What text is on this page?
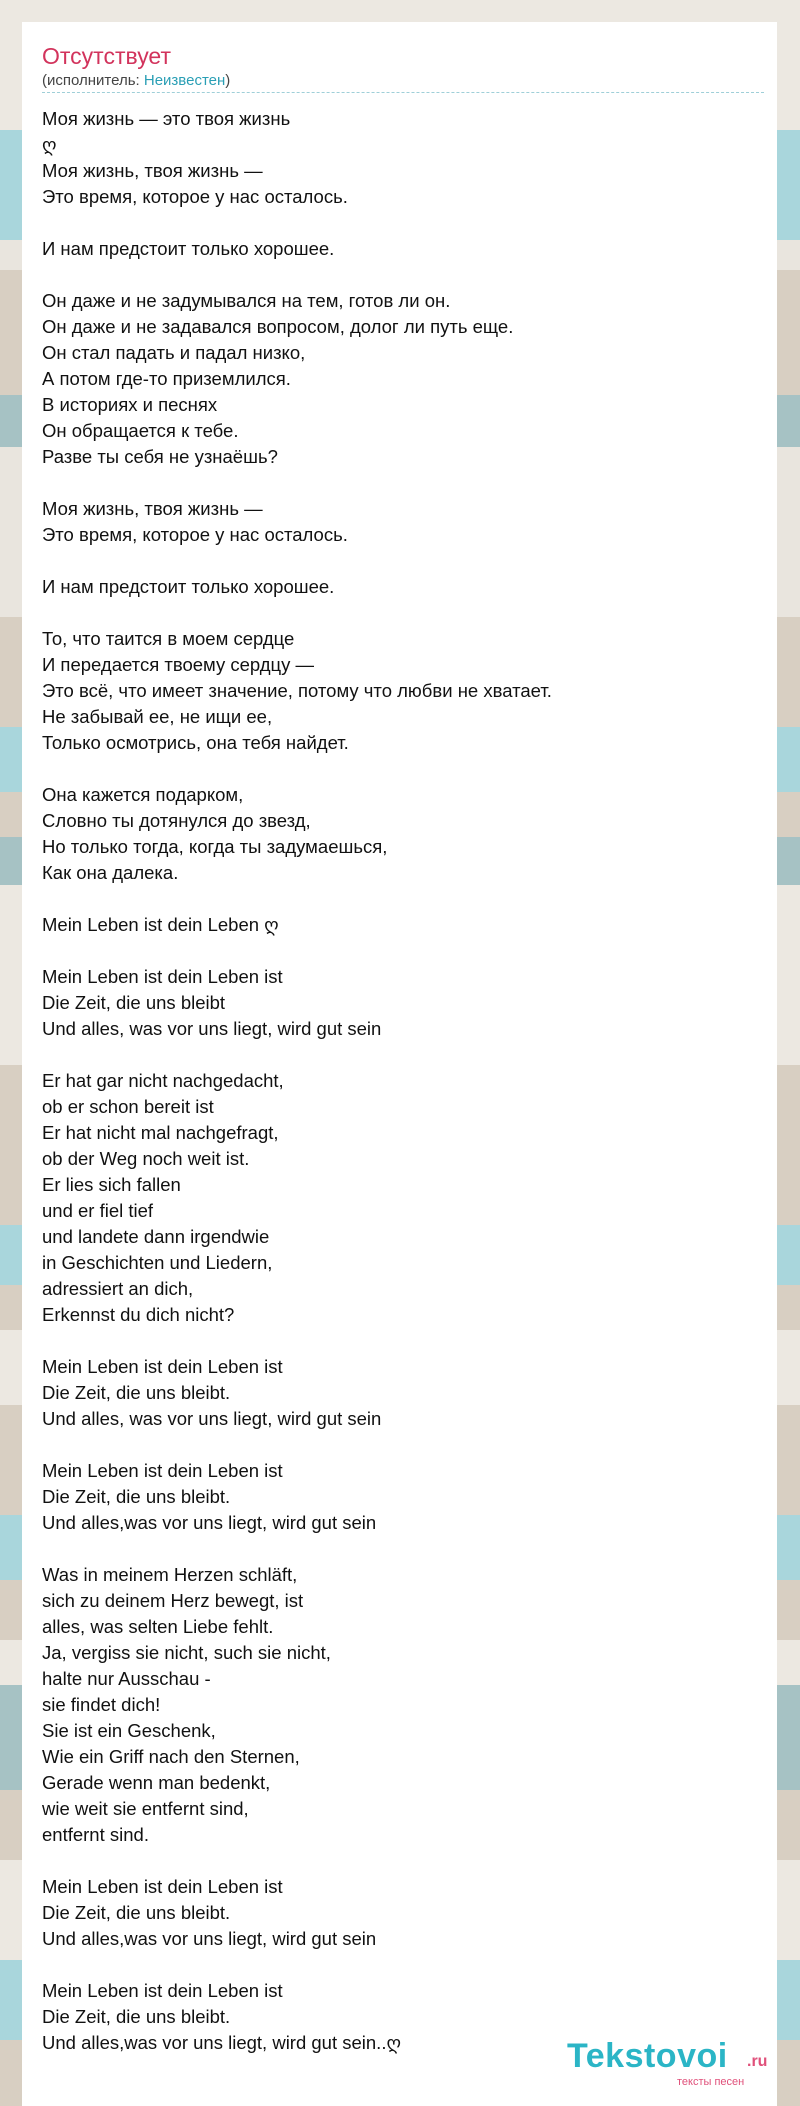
Отсутствует
(исполнитель: Неизвестен)
Моя жизнь — это твоя жизнь
ღ
Моя жизнь, твоя жизнь —
Это время, которое у нас осталось.
И нам предстоит только хорошее.
Он даже и не задумывался на тем, готов ли он.
Он даже и не задавался вопросом, долог ли путь еще.
Он стал падать и падал низко,
А потом где-то приземлился.
В историях и песнях
Он обращается к тебе.
Разве ты себя не узнаёшь?
Моя жизнь, твоя жизнь —
Это время, которое у нас осталось.
И нам предстоит только хорошее.
То, что таится в моем сердце
И передается твоему сердцу —
Это всё, что имеет значение, потому что любви не хватает.
Не забывай ее, не ищи ее,
Только осмотрись, она тебя найдет.
Она кажется подарком,
Словно ты дотянулся до звезд,
Но только тогда, когда ты задумаешься,
Как она далека.
Mein Leben ist dein Leben ღ
Mein Leben ist dein Leben ist
Die Zeit, die uns bleibt
Und alles, was vor uns liegt, wird gut sein
Er hat gar nicht nachgedacht,
ob er schon bereit ist
Er hat nicht mal nachgefragt,
ob der Weg noch weit ist.
Er lies sich fallen
und er fiel tief
und landete dann irgendwie
in Geschichten und Liedern,
adressiert an dich,
Erkennst du dich nicht?
Mein Leben ist dein Leben ist
Die Zeit, die uns bleibt.
Und alles, was vor uns liegt, wird gut sein
Mein Leben ist dein Leben ist
Die Zeit, die uns bleibt.
Und alles,was vor uns liegt, wird gut sein
Was in meinem Herzen schläft,
sich zu deinem Herz bewegt, ist
alles, was selten Liebe fehlt.
Ja, vergiss sie nicht, such sie nicht,
halte nur Ausschau -
sie findet dich!
Sie ist ein Geschenk,
Wie ein Griff nach den Sternen,
Gerade wenn man bedenkt,
wie weit sie entfernt sind,
entfernt sind.
Mein Leben ist dein Leben ist
Die Zeit, die uns bleibt.
Und alles,was vor uns liegt, wird gut sein
Mein Leben ist dein Leben ist
Die Zeit, die uns bleibt.
Und alles,was vor uns liegt, wird gut sein..ღ	Tekstovoi .ru
тексты песен
